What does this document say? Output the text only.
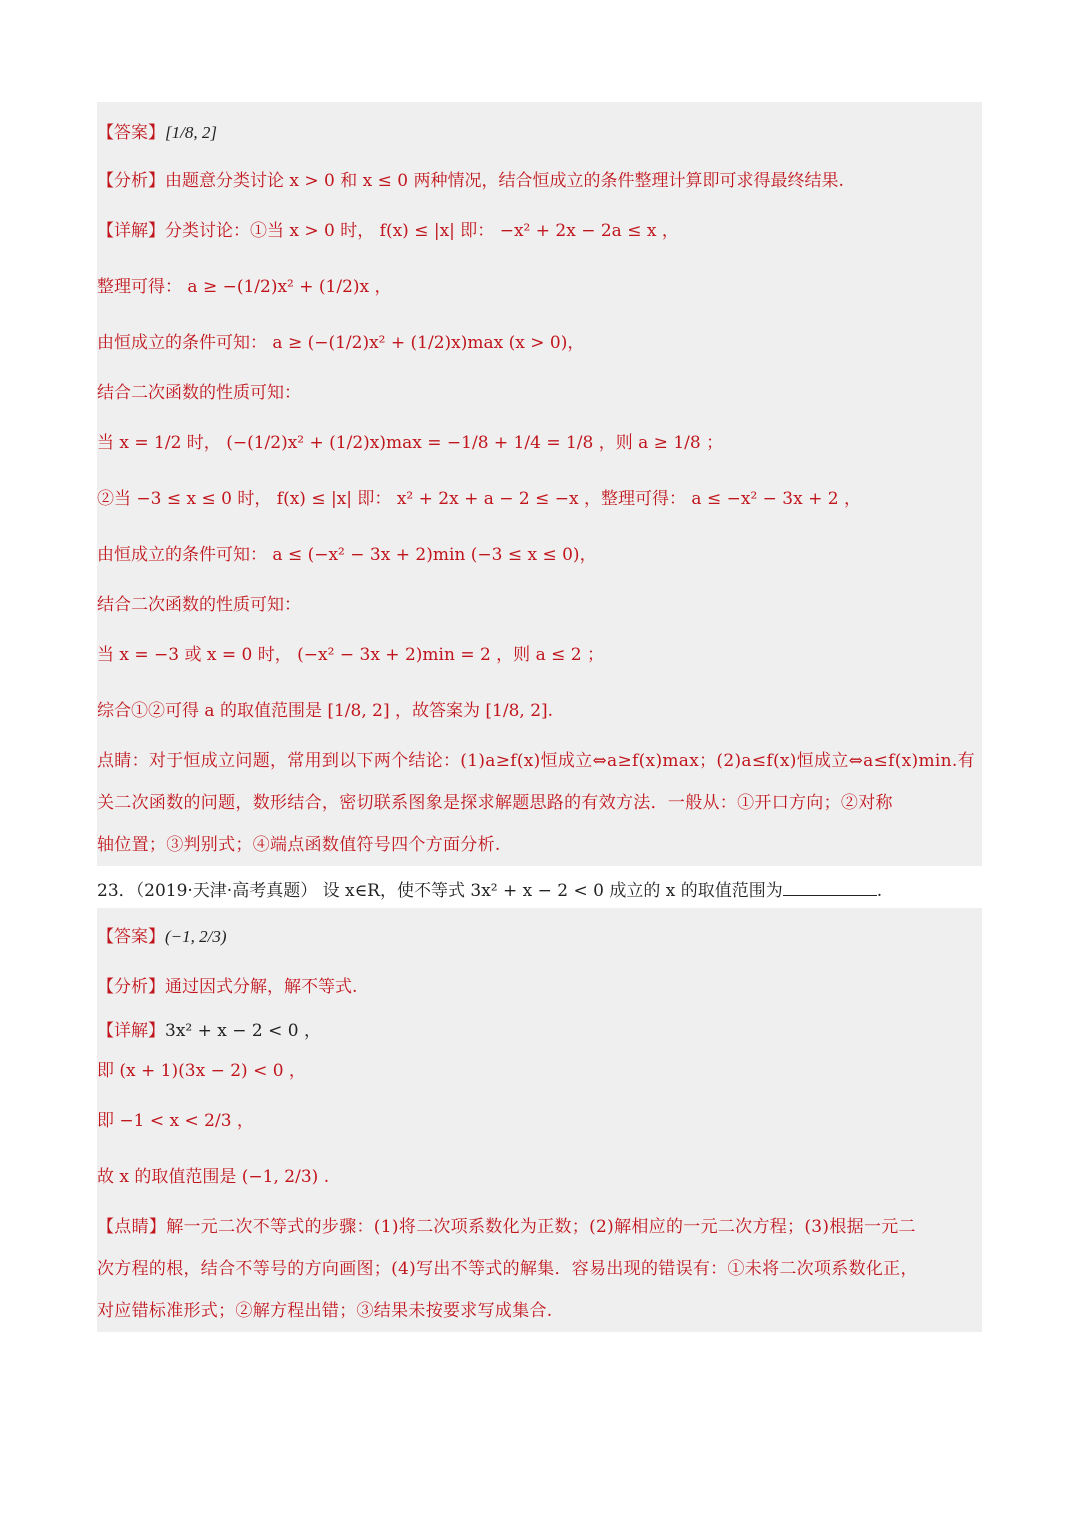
【答案】[1/8, 2]
【分析】由题意分类讨论 x > 0 和 x ≤ 0 两种情况，结合恒成立的条件整理计算即可求得最终结果.
【详解】分类讨论：①当 x > 0 时， f(x) ≤ |x| 即： −x² + 2x − 2a ≤ x ，
整理可得： a ≥ −(1/2)x² + (1/2)x ，
由恒成立的条件可知： a ≥ (−(1/2)x² + (1/2)x)max (x > 0)，
结合二次函数的性质可知：
当 x = 1/2 时， (−(1/2)x² + (1/2)x)max = −1/8 + 1/4 = 1/8 ，则 a ≥ 1/8 ；
②当 −3 ≤ x ≤ 0 时， f(x) ≤ |x| 即： x² + 2x + a − 2 ≤ −x ，整理可得： a ≤ −x² − 3x + 2 ，
由恒成立的条件可知： a ≤ (−x² − 3x + 2)min (−3 ≤ x ≤ 0)，
结合二次函数的性质可知：
当 x = −3 或 x = 0 时， (−x² − 3x + 2)min = 2 ，则 a ≤ 2 ；
综合①②可得 a 的取值范围是 [1/8, 2] ，故答案为 [1/8, 2].
点睛：对于恒成立问题，常用到以下两个结论：(1)a≥f(x)恒成立⇔a≥f(x)max；(2)a≤f(x)恒成立⇔a≤f(x)min.有
关二次函数的问题，数形结合，密切联系图象是探求解题思路的有效方法．一般从：①开口方向；②对称
轴位置；③判别式；④端点函数值符号四个方面分析.
23．（2019·天津·高考真题） 设 x∈R，使不等式 3x² + x − 2 < 0 成立的 x 的取值范围为	.
【答案】(−1, 2/3)
【分析】通过因式分解，解不等式.
【详解】3x² + x − 2 < 0 ，
即 (x + 1)(3x − 2) < 0 ，
即 −1 < x < 2/3 ，
故 x 的取值范围是 (−1, 2/3) .
【点睛】解一元二次不等式的步骤：(1)将二次项系数化为正数；(2)解相应的一元二次方程；(3)根据一元二
次方程的根，结合不等号的方向画图；(4)写出不等式的解集．容易出现的错误有：①未将二次项系数化正，
对应错标准形式；②解方程出错；③结果未按要求写成集合.
